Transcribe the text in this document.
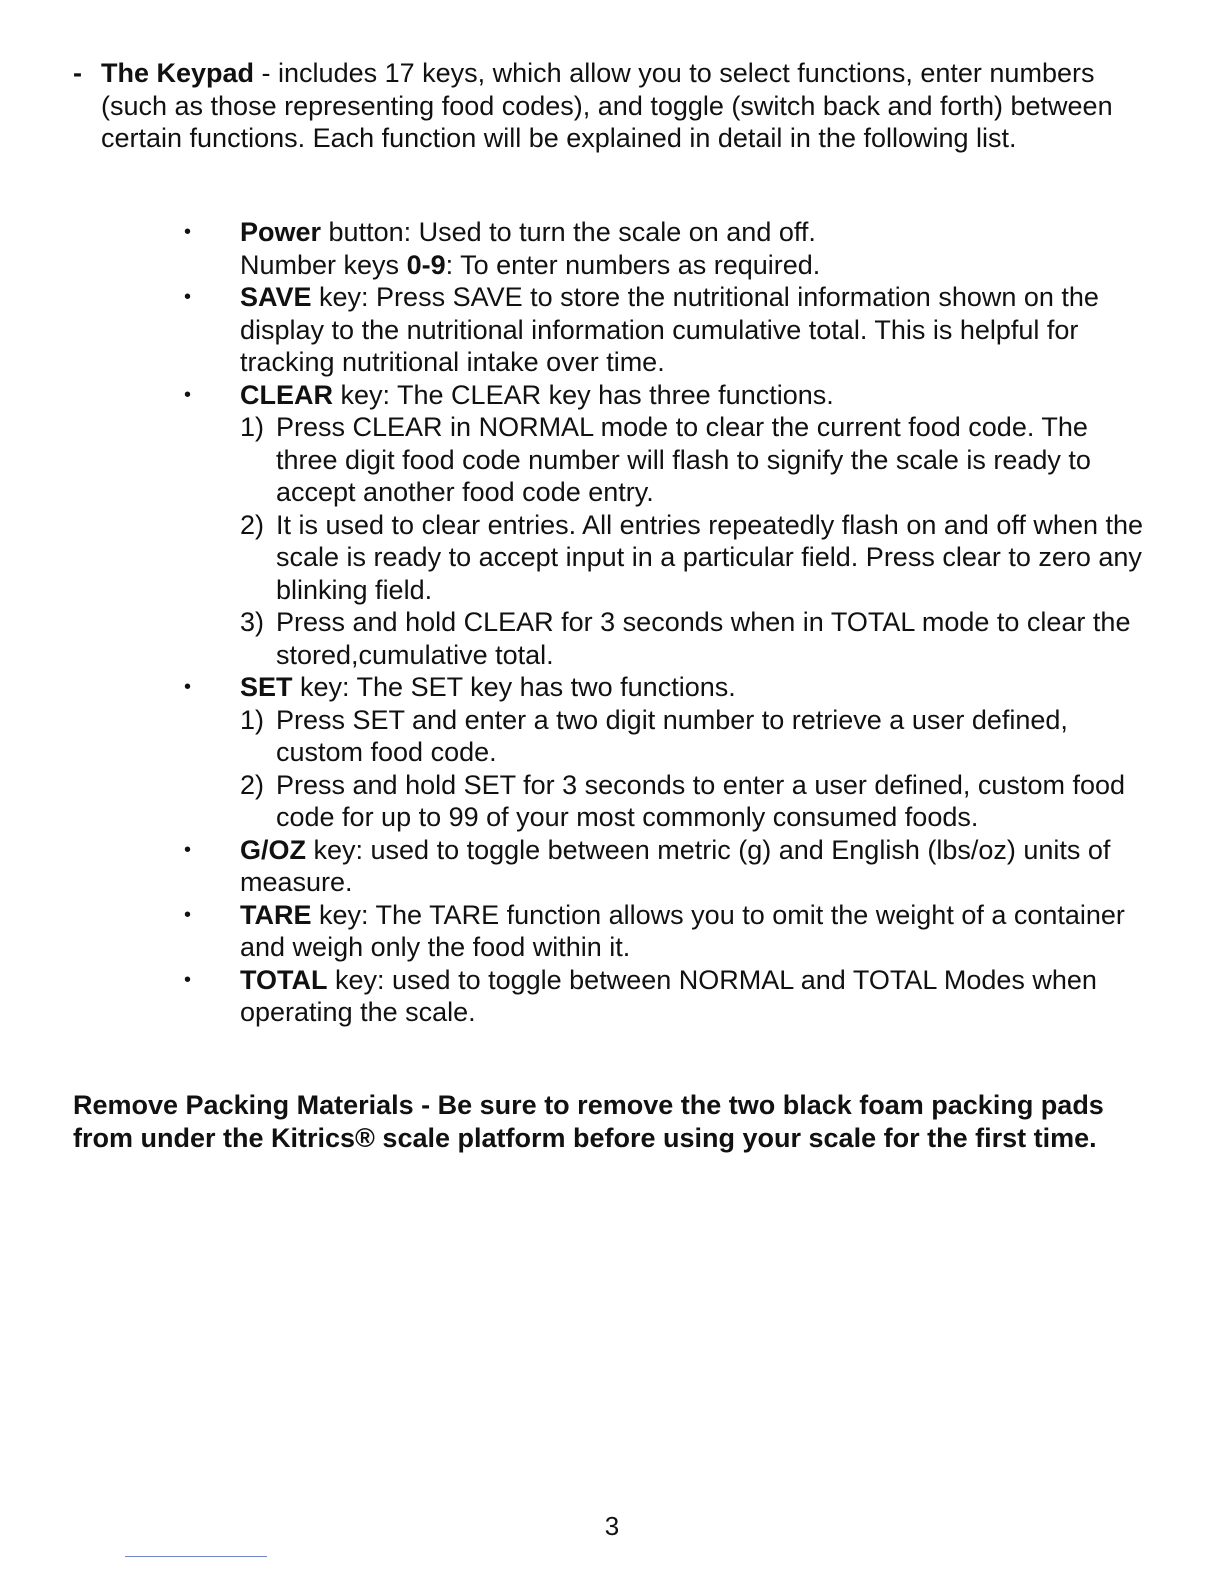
- The Keypad - includes 17 keys, which allow you to select functions, enter numbers (such as those representing food codes), and toggle (switch back and forth) between certain functions. Each function will be explained in detail in the following list.
• Power button: Used to turn the scale on and off.
Number keys 0-9: To enter numbers as required.
• SAVE key: Press SAVE to store the nutritional information shown on the display to the nutritional information cumulative total. This is helpful for tracking nutritional intake over time.
• CLEAR key: The CLEAR key has three functions.
1) Press CLEAR in NORMAL mode to clear the current food code. The three digit food code number will flash to signify the scale is ready to accept another food code entry.
2) It is used to clear entries. All entries repeatedly flash on and off when the scale is ready to accept input in a particular field. Press clear to zero any blinking field.
3) Press and hold CLEAR for 3 seconds when in TOTAL mode to clear the stored,cumulative total.
• SET key: The SET key has two functions.
1) Press SET and enter a two digit number to retrieve a user defined, custom food code.
2) Press and hold SET for 3 seconds to enter a user defined, custom food code for up to 99 of your most commonly consumed foods.
• G/OZ key: used to toggle between metric (g) and English (lbs/oz) units of measure.
• TARE key: The TARE function allows you to omit the weight of a container and weigh only the food within it.
• TOTAL key: used to toggle between NORMAL and TOTAL Modes when operating the scale.
Remove Packing Materials - Be sure to remove the two black foam packing pads from under the Kitrics® scale platform before using your scale for the first time.
3
